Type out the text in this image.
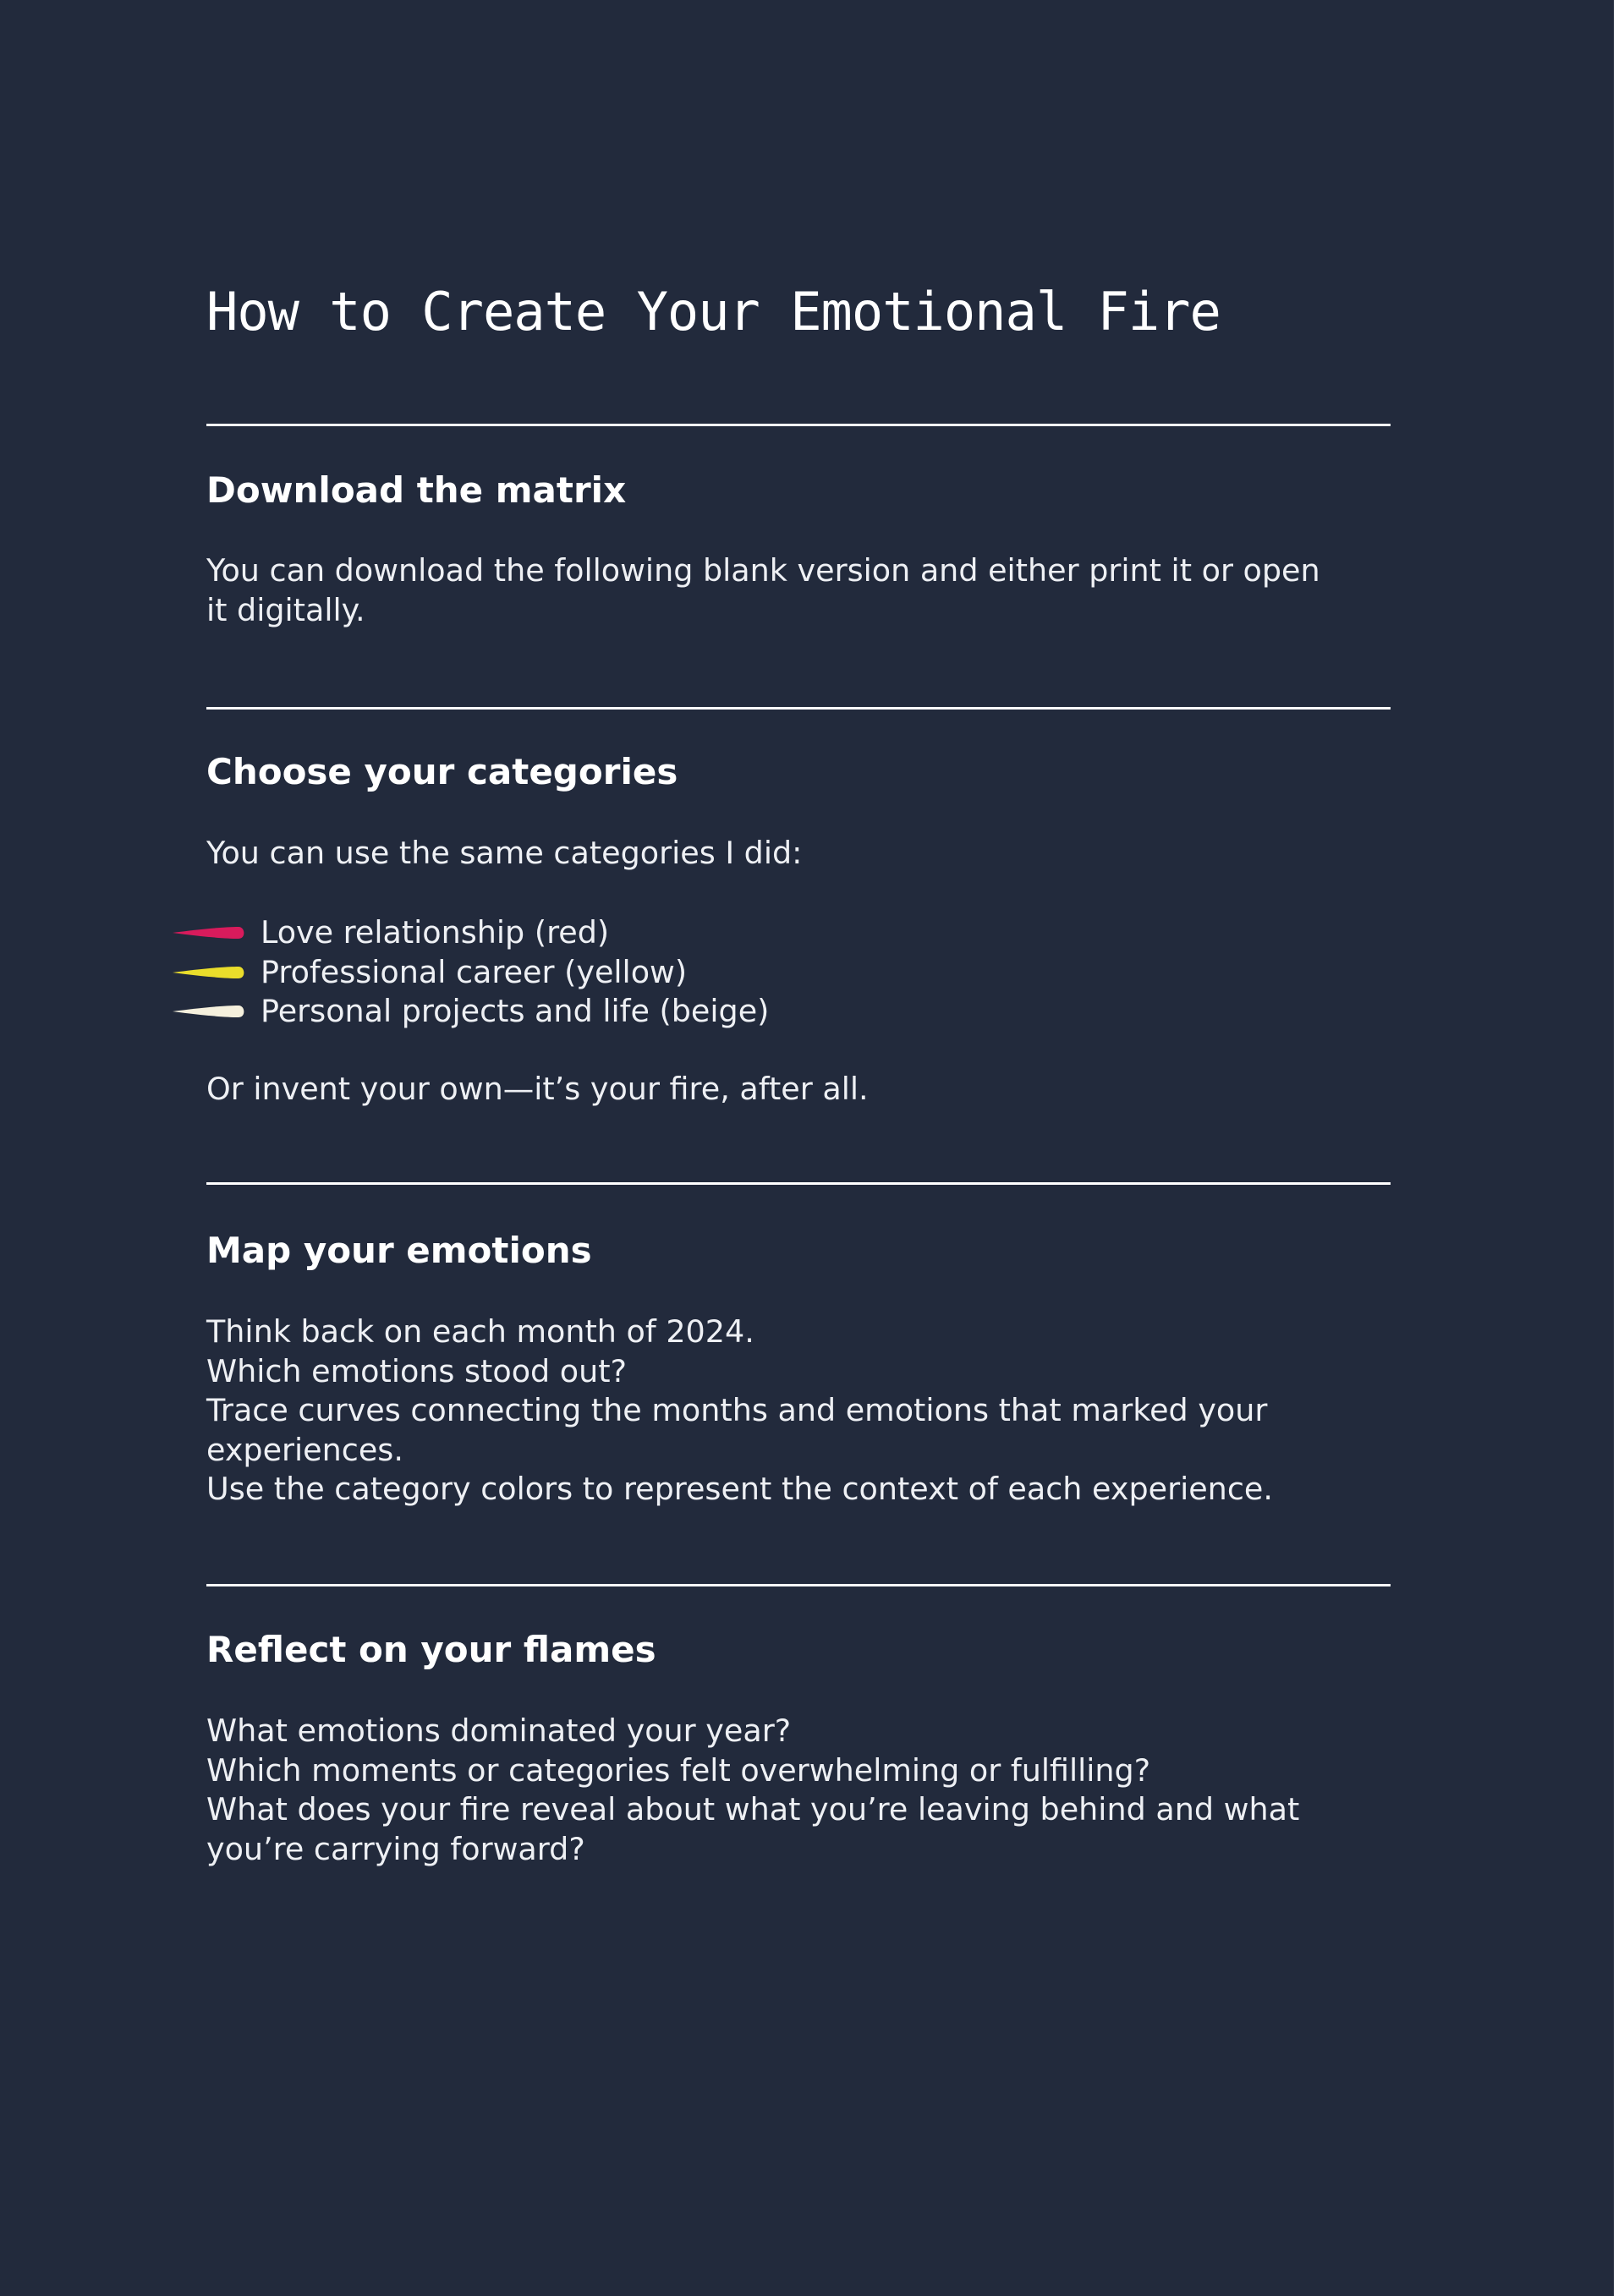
How to Create Your Emotional Fire
Download the matrix

You can download the following blank version and either print it or open
it digitally.

Choose your categories

You can use the same categories I did:

Love relationship (red)
Professional career (yellow)
Personal projects and life (beige)

Or invent your own—it’s your fire, after all.

Map your emotions

Think back on each month of 2024.
Which emotions stood out?
Trace curves connecting the months and emotions that marked your
experiences.
Use the category colors to represent the context of each experience.

Reflect on your flames

What emotions dominated your year?
Which moments or categories felt overwhelming or fulfilling?
What does your fire reveal about what you’re leaving behind and what
you’re carrying forward?
